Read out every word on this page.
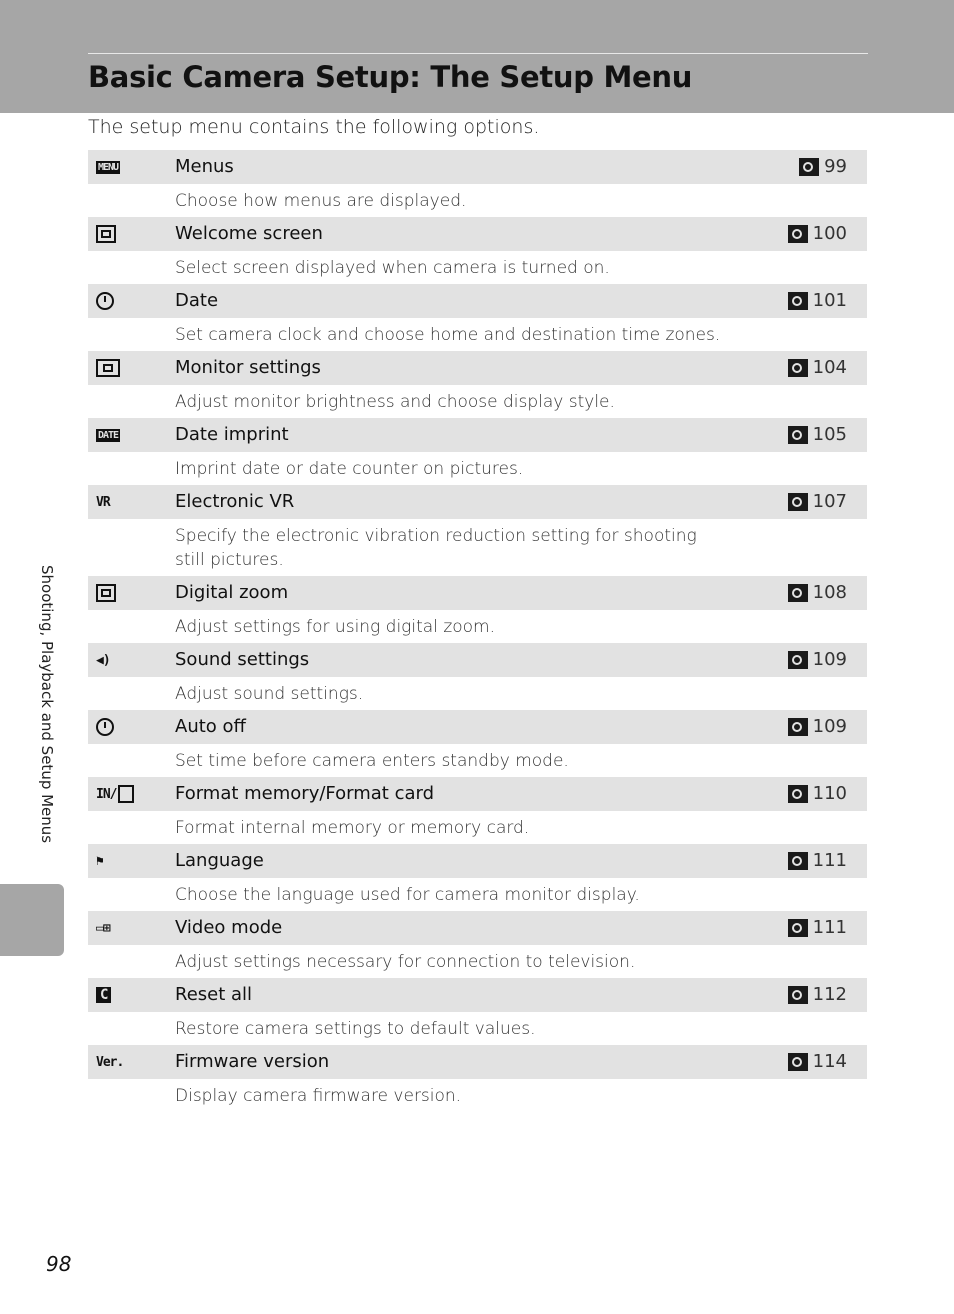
Basic Camera Setup: The Setup Menu
The setup menu contains the following options.
MENU	Menus	99
Choose how menus are displayed.
Welcome screen	100
Select screen displayed when camera is turned on.
Date	101
Set camera clock and choose home and destination time zones.
Monitor settings	104
Adjust monitor brightness and choose display style.
DATE	Date imprint	105
Imprint date or date counter on pictures.
VR	Electronic VR	107
Specify the electronic vibration reduction setting for shooting still pictures.
Digital zoom	108
Adjust settings for using digital zoom.
◀)	Sound settings	109
Adjust sound settings.
Auto off	109
Set time before camera enters standby mode.
IN/	Format memory/Format card	110
Format internal memory or memory card.
⚑	Language	111
Choose the language used for camera monitor display.
▭⊞	Video mode	111
Adjust settings necessary for connection to television.
C	Reset all	112
Restore camera settings to default values.
Ver.	Firmware version	114
Display camera firmware version.
Shooting, Playback and Setup Menus
98
